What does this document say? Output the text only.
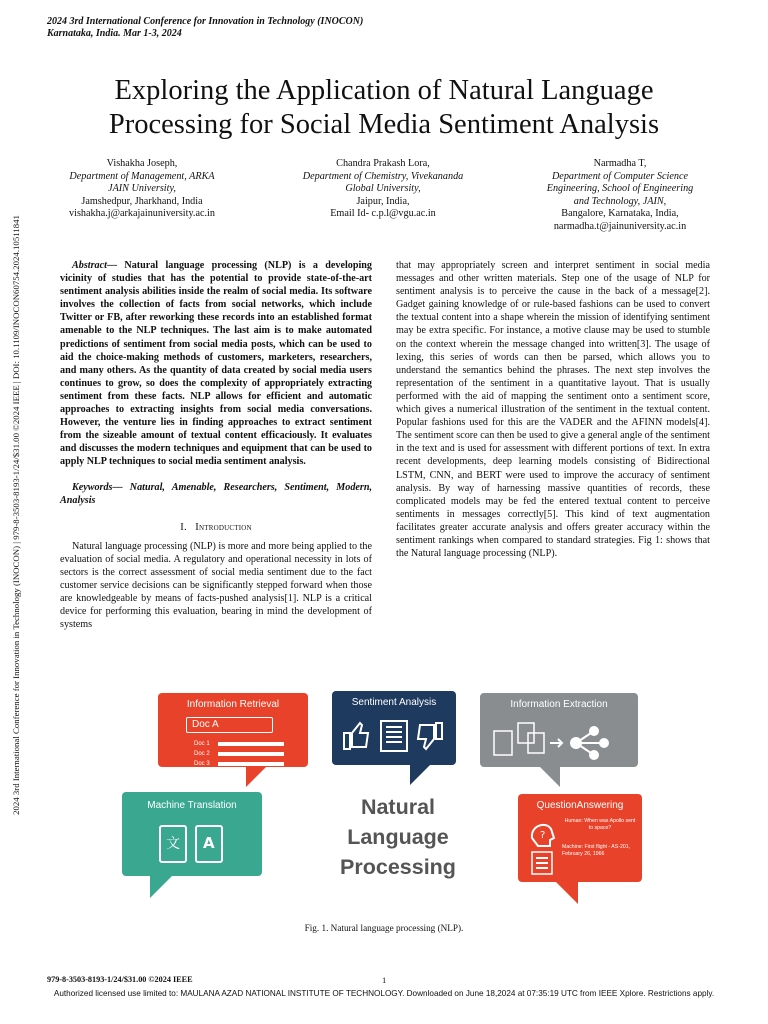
2024 3rd International Conference for Innovation in Technology (INOCON)
Karnataka, India. Mar 1-3, 2024
Exploring the Application of Natural Language
Processing for Social Media Sentiment Analysis
Vishakha Joseph,
Department of Management, ARKA
JAIN University,
Jamshedpur, Jharkhand, India
vishakha.j@arkajainuniversity.ac.in
Chandra Prakash Lora,
Department of Chemistry, Vivekananda
Global University,
Jaipur, India,
Email Id- c.p.l@vgu.ac.in
Narmadha T,
Department of Computer Science
Engineering, School of Engineering
and Technology, JAIN,
Bangalore, Karnataka, India,
narmadha.t@jainuniversity.ac.in
2024 3rd International Conference for Innovation in Technology (INOCON) | 979-8-3503-8193-1/24/$31.00 ©2024 IEEE | DOI: 10.1109/INOCON60754.2024.10511841	Abstract— Natural language processing (NLP) is a developing vicinity of studies that has the potential to provide state-of-the-art sentiment analysis abilities inside the realm of social media. Its software involves the collection of facts from social networks, which include Twitter or FB, after reworking these records into an established format amenable to the NLP techniques. The last aim is to make automated predictions of sentiment from social media posts, which can be used to aid the choice-making methods of customers, marketers, researchers, and many others. As the quantity of data created by social media users continues to grow, so does the complexity of appropriately extracting sentiment from these facts. NLP allows for efficient and automatic approaches to extracting insights from social media conversations. However, the venture lies in finding approaches to extract sentiment from the sizeable amount of textual content efficaciously. It evaluates and discusses the modern techniques and equipment that can be used to apply NLP techniques to social media sentiment analysis.

Keywords— Natural, Amenable, Researchers, Sentiment, Modern, Analysis

I. Introduction

Natural language processing (NLP) is more and more being applied to the evaluation of social media. A regulatory and operational necessity in lots of sectors is the correct assessment of social media sentiment due to the fact customer service decisions can be significantly stepped forward when those are knowledgeable by means of facts-pushed analysis[1]. NLP is a critical device for performing this evaluation, bearing in mind the development of systems

that may appropriately screen and interpret sentiment in social media messages and other written materials. Step one of the usage of NLP for sentiment analysis is to perceive the cause in the back of a message[2]. Gadget gaining knowledge of or rule-based fashions can be used to convert the textual content into a shape wherein the mission of identifying sentiment may be extra specific. For instance, a motive clause may be used to stumble on the context wherein the message changed into written[3]. The usage of lexing, this series of words can then be parsed, which allows you to understand the semantics behind the phrases. The next step involves the representation of the sentiment in a quantitative layout. That is usually performed with the aid of mapping the sentiment onto a sentiment score, which gives a numerical illustration of the sentiment in the textual content. Popular fashions used for this are the VADER and the AFINN models[4]. The sentiment score can then be used to give a general angle of the sentiment in the text and is used for assessment with different portions of text. In extra recent developments, deep learning models consisting of Bidirectional LSTM, CNN, and BERT were used to improve the accuracy of sentiment analysis. By way of harnessing massive quantities of records, these complicated models may be fed the entered textual content to perceive sentiments in messages correctly[5]. This kind of text augmentation facilitates greater accurate analysis and offers greater accuracy within the sentiment rankings when compared to standard strategies. Fig 1: shows that the Natural language processing (NLP).

Information Retrieval
Doc A
Doc 1
Doc 2
Doc 3
Sentiment Analysis	Information Extraction
Machine Translation
文 A
Natural
Language
Processing
QuestionAnswering
?
Human: When was Apollo sent to space?
Machine: First flight - AS-201, February 26, 1966
Fig. 1. Natural language processing (NLP).
979-8-3503-8193-1/24/$31.00 ©2024 IEEE	1
Authorized licensed use limited to: MAULANA AZAD NATIONAL INSTITUTE OF TECHNOLOGY. Downloaded on June 18,2024 at 07:35:19 UTC from IEEE Xplore. Restrictions apply.
